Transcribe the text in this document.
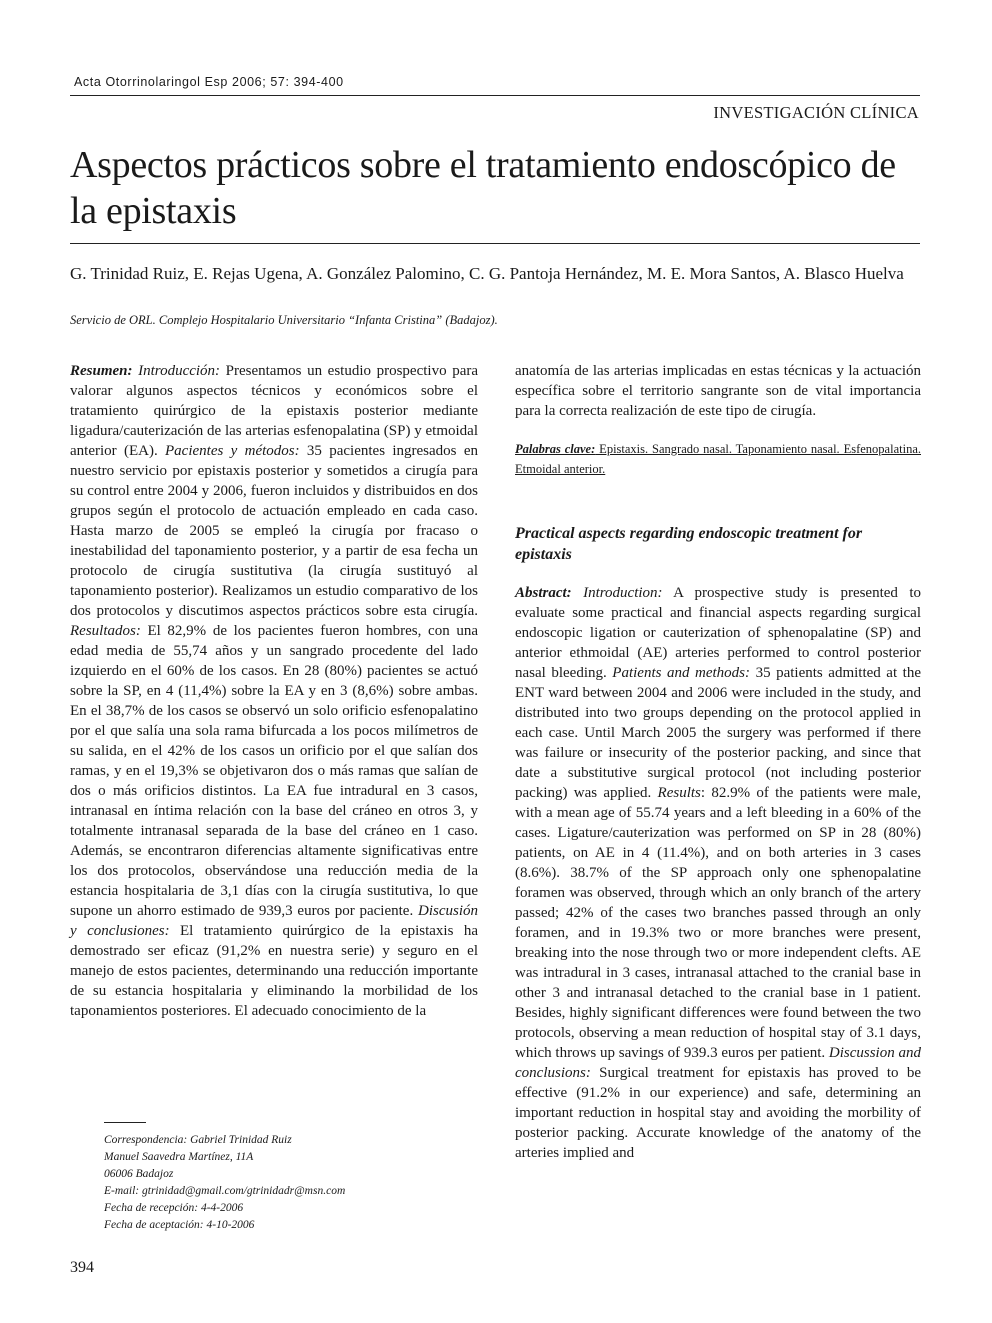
Acta Otorrinolaringol Esp 2006; 57: 394-400
INVESTIGACIÓN CLÍNICA
Aspectos prácticos sobre el tratamiento endoscópico de la epistaxis
G. Trinidad Ruiz, E. Rejas Ugena, A. González Palomino, C. G. Pantoja Hernández, M. E. Mora Santos, A. Blasco Huelva
Servicio de ORL. Complejo Hospitalario Universitario “Infanta Cristina” (Badajoz).

Resumen: Introducción: Presentamos un estudio prospectivo para valorar algunos aspectos técnicos y económicos sobre el tratamiento quirúrgico de la epistaxis posterior mediante ligadura/cauterización de las arterias esfenopalatina (SP) y etmoidal anterior (EA). Pacientes y métodos: 35 pacientes ingresados en nuestro servicio por epistaxis posterior y sometidos a cirugía para su control entre 2004 y 2006, fueron incluidos y distribuidos en dos grupos según el protocolo de actuación empleado en cada caso. Hasta marzo de 2005 se empleó la cirugía por fracaso o inestabilidad del taponamiento posterior, y a partir de esa fecha un protocolo de cirugía sustitutiva (la cirugía sustituyó al taponamiento posterior). Realizamos un estudio comparativo de los dos protocolos y discutimos aspectos prácticos sobre esta cirugía. Resultados: El 82,9% de los pacientes fueron hombres, con una edad media de 55,74 años y un sangrado procedente del lado izquierdo en el 60% de los casos. En 28 (80%) pacientes se actuó sobre la SP, en 4 (11,4%) sobre la EA y en 3 (8,6%) sobre ambas. En el 38,7% de los casos se observó un solo orificio esfenopalatino por el que salía una sola rama bifurcada a los pocos milímetros de su salida, en el 42% de los casos un orificio por el que salían dos ramas, y en el 19,3% se objetivaron dos o más ramas que salían de dos o más orificios distintos. La EA fue intradural en 3 casos, intranasal en íntima relación con la base del cráneo en otros 3, y totalmente intranasal separada de la base del cráneo en 1 caso. Además, se encontraron diferencias altamente significativas entre los dos protocolos, observándose una reducción media de la estancia hospitalaria de 3,1 días con la cirugía sustitutiva, lo que supone un ahorro estimado de 939,3 euros por paciente. Discusión y conclusiones: El tratamiento quirúrgico de la epistaxis ha demostrado ser eficaz (91,2% en nuestra serie) y seguro en el manejo de estos pacientes, determinando una reducción importante de su estancia hospitalaria y eliminando la morbilidad de los taponamientos posteriores. El adecuado conocimiento de la

anatomía de las arterias implicadas en estas técnicas y la actuación específica sobre el territorio sangrante son de vital importancia para la correcta realización de este tipo de cirugía.

Palabras clave: Epistaxis. Sangrado nasal. Taponamiento nasal. Esfenopalatina. Etmoidal anterior.

Practical aspects regarding endoscopic treatment for epistaxis

Abstract: Introduction: A prospective study is presented to evaluate some practical and financial aspects regarding surgical endoscopic ligation or cauterization of sphenopalatine (SP) and anterior ethmoidal (AE) arteries performed to control posterior nasal bleeding. Patients and methods: 35 patients admitted at the ENT ward between 2004 and 2006 were included in the study, and distributed into two groups depending on the protocol applied in each case. Until March 2005 the surgery was performed if there was failure or insecurity of the posterior packing, and since that date a substitutive surgical protocol (not including posterior packing) was applied. Results: 82.9% of the patients were male, with a mean age of 55.74 years and a left bleeding in a 60% of the cases. Ligature/cauterization was performed on SP in 28 (80%) patients, on AE in 4 (11.4%), and on both arteries in 3 cases (8.6%). 38.7% of the SP approach only one sphenopalatine foramen was observed, through which an only branch of the artery passed; 42% of the cases two branches passed through an only foramen, and in 19.3% two or more branches were present, breaking into the nose through two or more independent clefts. AE was intradural in 3 cases, intranasal attached to the cranial base in other 3 and intranasal detached to the cranial base in 1 patient. Besides, highly significant differences were found between the two protocols, observing a mean reduction of hospital stay of 3.1 days, which throws up savings of 939.3 euros per patient. Discussion and conclusions: Surgical treatment for epistaxis has proved to be effective (91.2% in our experience) and safe, determining an important reduction in hospital stay and avoiding the morbility of posterior packing. Accurate knowledge of the anatomy of the arteries implied and

Correspondencia: Gabriel Trinidad Ruiz
Manuel Saavedra Martínez, 11A
06006 Badajoz
E-mail: gtrinidad@gmail.com/gtrinidadr@msn.com
Fecha de recepción: 4-4-2006
Fecha de aceptación: 4-10-2006
394
